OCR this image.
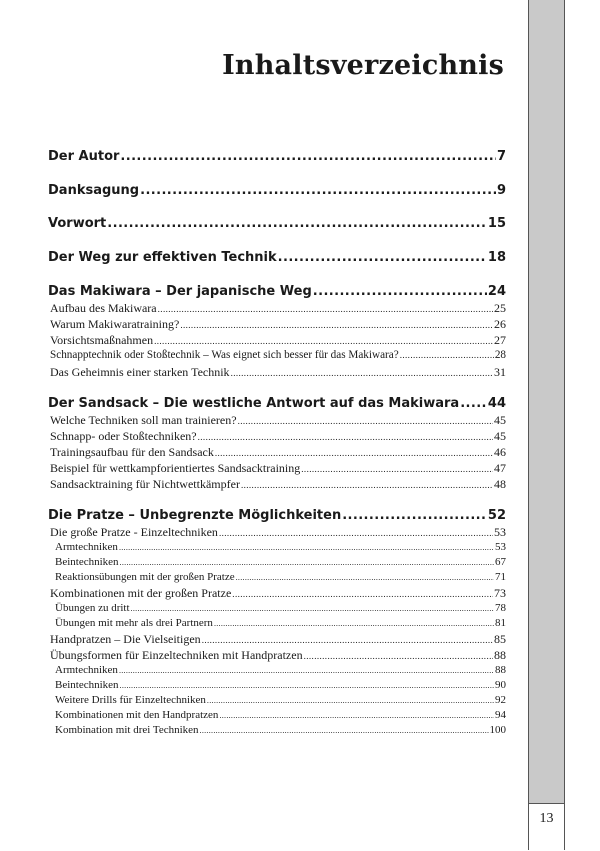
13
Inhaltsverzeichnis
Der Autor .....	7
Danksagung .....	9
Vorwort .....	15
Der Weg zur effektiven Technik .....	18
Das Makiwara – Der japanische Weg .....	24
Aufbau des Makiwara .....	25
Warum Makiwaratraining? .....	26
Vorsichtsmaßnahmen .....	27
Schnapptechnik oder Stoßtechnik – Was eignet sich besser für das Makiwara? .....	28
Das Geheimnis einer starken Technik .....	31
Der Sandsack – Die westliche Antwort auf das Makiwara ..... 44
Welche Techniken soll man trainieren? .....	45
Schnapp- oder Stoßtechniken? .....	45
Trainingsaufbau für den Sandsack .....	46
Beispiel für wettkampforientiertes Sandsacktraining .....	47
Sandsacktraining für Nichtwettkämpfer .....	48
Die Pratze – Unbegrenzte Möglichkeiten .....	52
Die große Pratze - Einzeltechniken .....	53
Armtechniken .....	53
Beintechniken .....	67
Reaktionsübungen mit der großen Pratze .....	71
Kombinationen mit der großen Pratze .....	73
Übungen zu dritt .....	78
Übungen mit mehr als drei Partnern .....	81
Handpratzen – Die Vielseitigen .....	85
Übungsformen für Einzeltechniken mit Handpratzen .....	88
Armtechniken .....	88
Beintechniken .....	90
Weitere Drills für Einzeltechniken .....	92
Kombinationen mit den Handpratzen .....	94
Kombination mit drei Techniken .....	100
